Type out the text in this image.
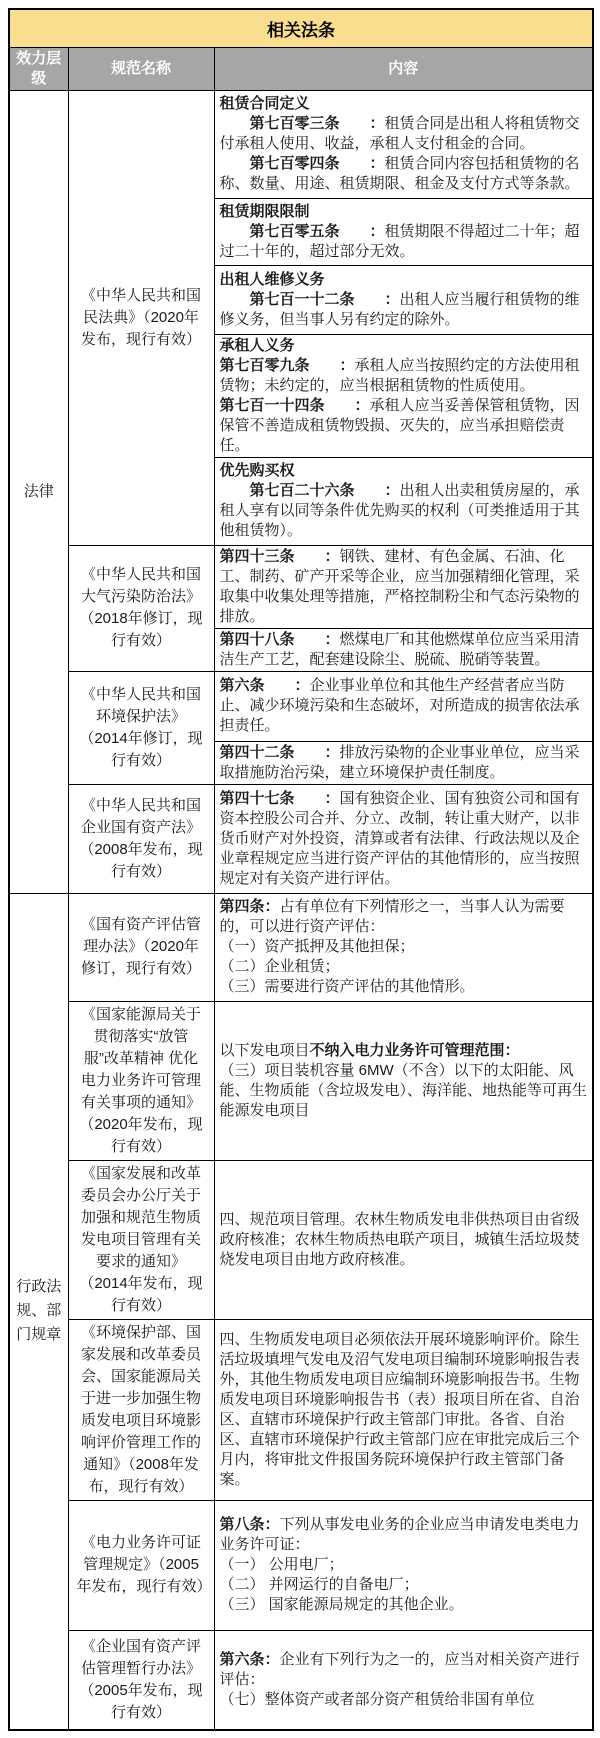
相关法条		
效力层级	规范名称	内容
法律	《中华人民共和国民法典》（2020年发布，现行有效）	租赁合同定义
第七百零三条　　：租赁合同是出租人将租赁物交付承租人使用、收益，承租人支付租金的合同。
第七百零四条　　：租赁合同内容包括租赁物的名称、数量、用途、租赁期限、租金及支付方式等条款。

		租赁期限限制
第七百零五条　　：租赁期限不得超过二十年；超过二十年的，超过部分无效。

		出租人维修义务
第七百一十二条　　：出租人应当履行租赁物的维修义务，但当事人另有约定的除外。

		承租人义务
第七百零九条　　：承租人应当按照约定的方法使用租赁物；未约定的，应当根据租赁物的性质使用。
第七百一十四条　　：承租人应当妥善保管租赁物，因保管不善造成租赁物毁损、灭失的，应当承担赔偿责任。

		优先购买权
第七百二十六条　　：出租人出卖租赁房屋的，承租人享有以同等条件优先购买的权利（可类推适用于其他租赁物）。

	《中华人民共和国大气污染防治法》（2018年修订，现行有效）	第四十三条　　：钢铁、建材、有色金属、石油、化工、制药、矿产开采等企业，应当加强精细化管理，采取集中收集处理等措施，严格控制粉尘和气态污染物的排放。

		第四十八条　　：燃煤电厂和其他燃煤单位应当采用清洁生产工艺，配套建设除尘、脱硫、脱硝等装置。

	《中华人民共和国环境保护法》（2014年修订，现行有效）	第六条　　：企业事业单位和其他生产经营者应当防止、减少环境污染和生态破坏，对所造成的损害依法承担责任。

		第四十二条　　：排放污染物的企业事业单位，应当采取措施防治污染，建立环境保护责任制度。

	《中华人民共和国企业国有资产法》（2008年发布，现行有效）	第四十七条　　：国有独资企业、国有独资公司和国有资本控股公司合并、分立、改制，转让重大财产，以非货币财产对外投资，清算或者有法律、行政法规以及企业章程规定应当进行资产评估的其他情形的，应当按照规定对有关资产进行评估。

行政法规、部门规章	《国有资产评估管理办法》（2020年修订，现行有效）	第四条：占有单位有下列情形之一，当事人认为需要的，可以进行资产评估：
（一）资产抵押及其他担保；
（二）企业租赁；
（三）需要进行资产评估的其他情形。

	《国家能源局关于贯彻落实“放管服”改革精神 优化电力业务许可管理有关事项的通知》（2020年发布，现行有效）	以下发电项目不纳入电力业务许可管理范围：
（三）项目装机容量 6MW（不含）以下的太阳能、风能、生物质能（含垃圾发电）、海洋能、地热能等可再生能源发电项目

	《国家发展和改革委员会办公厅关于加强和规范生物质发电项目管理有关要求的通知》（2014年发布，现行有效）	四、规范项目管理。农林生物质发电非供热项目由省级政府核准；农林生物质热电联产项目，城镇生活垃圾焚烧发电项目由地方政府核准。

	《环境保护部、国家发展和改革委员会、国家能源局关于进一步加强生物质发电项目环境影响评价管理工作的通知》（2008年发布，现行有效）	四、生物质发电项目必须依法开展环境影响评价。除生活垃圾填埋气发电及沼气发电项目编制环境影响报告表外，其他生物质发电项目应编制环境影响报告书。生物质发电项目环境影响报告书（表）报项目所在省、自治区、直辖市环境保护行政主管部门审批。各省、自治区、直辖市环境保护行政主管部门应在审批完成后三个月内，将审批文件报国务院环境保护行政主管部门备案。

	《电力业务许可证管理规定》（2005年发布，现行有效）	第八条：下列从事发电业务的企业应当申请发电类电力业务许可证：
（一） 公用电厂；
（二） 并网运行的自备电厂；
（三） 国家能源局规定的其他企业。

	《企业国有资产评估管理暂行办法》（2005年发布，现行有效）	第六条：企业有下列行为之一的，应当对相关资产进行评估：
（七）整体资产或者部分资产租赁给非国有单位
